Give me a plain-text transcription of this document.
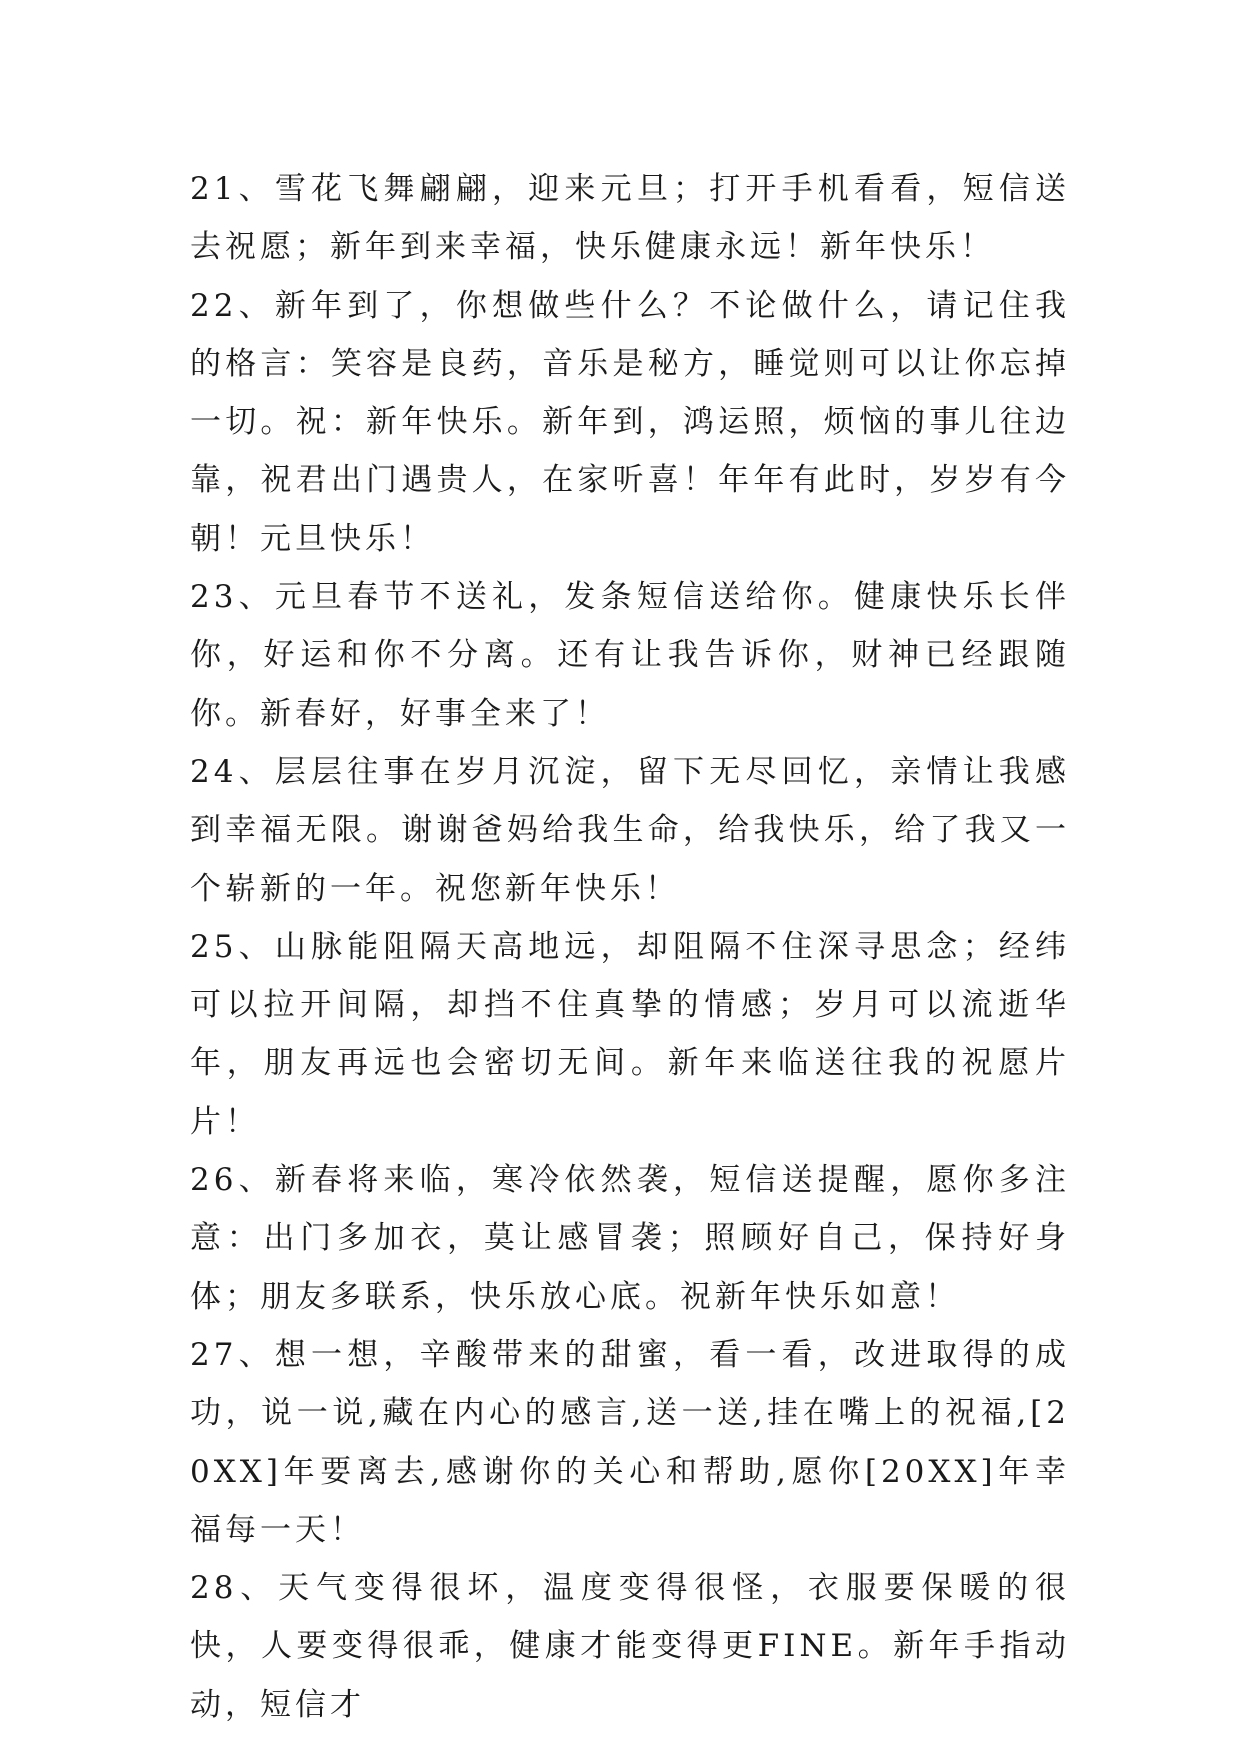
21、雪花飞舞翩翩，迎来元旦；打开手机看看，短信送去祝愿；新年到来幸福，快乐健康永远！新年快乐！

22、新年到了，你想做些什么？不论做什么，请记住我的格言：笑容是良药，音乐是秘方，睡觉则可以让你忘掉一切。祝：新年快乐。新年到，鸿运照，烦恼的事儿往边靠，祝君出门遇贵人，在家听喜！年年有此时，岁岁有今朝！元旦快乐！

23、元旦春节不送礼，发条短信送给你。健康快乐长伴你，好运和你不分离。还有让我告诉你，财神已经跟随你。新春好，好事全来了！

24、层层往事在岁月沉淀，留下无尽回忆，亲情让我感到幸福无限。谢谢爸妈给我生命，给我快乐，给了我又一个崭新的一年。祝您新年快乐！

25、山脉能阻隔天高地远，却阻隔不住深寻思念；经纬可以拉开间隔，却挡不住真挚的情感；岁月可以流逝华年，朋友再远也会密切无间。新年来临送往我的祝愿片片！

26、新春将来临，寒冷依然袭，短信送提醒，愿你多注意：出门多加衣，莫让感冒袭；照顾好自己，保持好身体；朋友多联系，快乐放心底。祝新年快乐如意！

27、想一想，辛酸带来的甜蜜，看一看，改进取得的成功，说一说,藏在内心的感言,送一送,挂在嘴上的祝福,[20XX]年要离去,感谢你的关心和帮助,愿你[20XX]年幸福每一天！

28、天气变得很坏，温度变得很怪，衣服要保暖的很快，人要变得很乖，健康才能变得更FINE。新年手指动动，短信才
